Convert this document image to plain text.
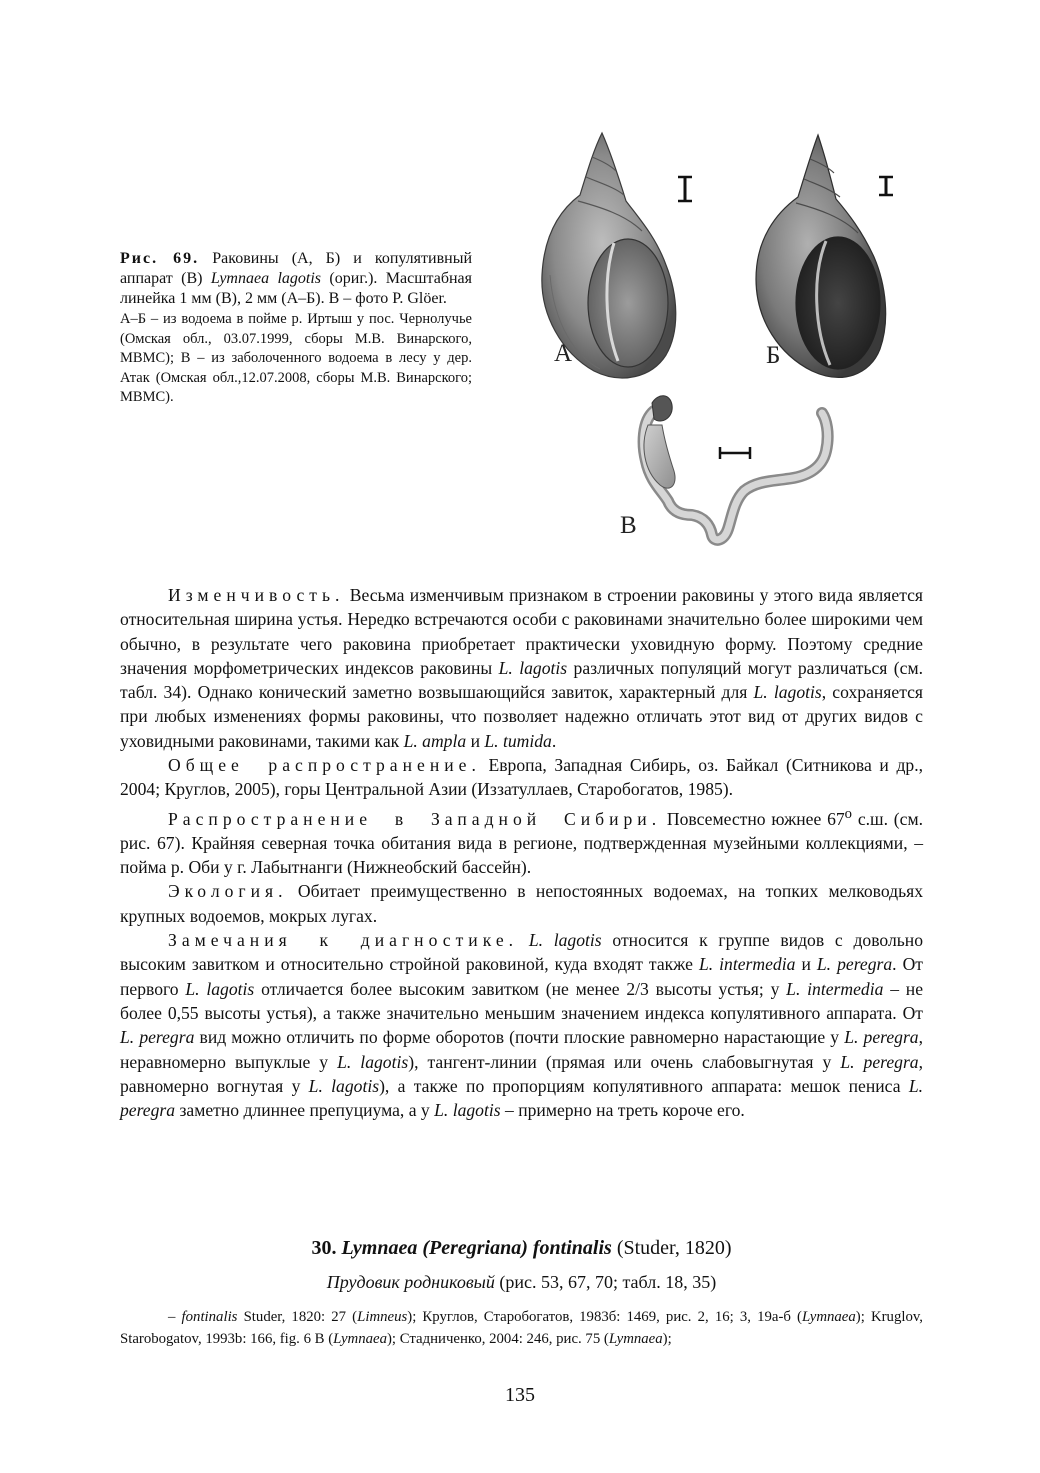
Рис. 69. Раковины (А, Б) и копулятивный аппарат (В) Lymnaea lagotis (ориг.). Масштабная линейка 1 мм (В), 2 мм (А–Б). В – фото P. Glöer.
А–Б – из водоема в пойме р. Иртыш у пос. Чернолучье (Омская обл., 03.07.1999, сборы М.В. Винарского, МВМС); В – из заболоченного водоема в лесу у дер. Атак (Омская обл.,12.07.2008, сборы М.В. Винарского; МВМС).
А	Б
В

Изменчивость. Весьма изменчивым признаком в строении раковины у этого вида является относительная ширина устья. Нередко встречаются особи с раковинами значительно более широкими чем обычно, в результате чего раковина приобретает практически уховидную форму. Поэтому средние значения морфометрических индексов раковины L. lagotis различных популяций могут различаться (см. табл. 34). Однако конический заметно возвышающийся завиток, характерный для L. lagotis, сохраняется при любых изменениях формы раковины, что позволяет надежно отличать этот вид от других видов с уховидными раковинами, такими как L. ampla и L. tumida.

Общее распространение. Европа, Западная Сибирь, оз. Байкал (Ситникова и др., 2004; Круглов, 2005), горы Центральной Азии (Иззатуллаев, Старобогатов, 1985).

Распространение в Западной Сибири. Повсеместно южнее 67$^o$ с.ш. (см. рис. 67). Крайняя северная точка обитания вида в регионе, подтвержденная музейными коллекциями, – пойма р. Оби у г. Лабытнанги (Нижнеобский бассейн).

Экология. Обитает преимущественно в непостоянных водоемах, на топких мелководьях крупных водоемов, мокрых лугах.

Замечания к диагностике. L. lagotis относится к группе видов с довольно высоким завитком и относительно стройной раковиной, куда входят также L. intermedia и L. peregra. От первого L. lagotis отличается более высоким завитком (не менее 2/3 высоты устья; у L. intermedia – не более 0,55 высоты устья), а также значительно меньшим значением индекса копулятивного аппарата. От L. peregra вид можно отличить по форме оборотов (почти плоские равномерно нарастающие у L. peregra, неравномерно выпуклые у L. lagotis), тангент-линии (прямая или очень слабовыгнутая у L. peregra, равномерно вогнутая у L. lagotis), а также по пропорциям копулятивного аппарата: мешок пениса L. peregra заметно длиннее препуциума, а у L. lagotis – примерно на треть короче его.

30. Lymnaea (Peregriana) fontinalis (Studer, 1820)
Прудовик родниковый (рис. 53, 67, 70; табл. 18, 35)
– fontinalis Studer, 1820: 27 (Limneus); Круглов, Старобогатов, 1983б: 1469, рис. 2, 16; 3, 19а-б (Lymnaea); Kruglov, Starobogatov, 1993b: 166, fig. 6 B (Lymnaea); Стадниченко, 2004: 246, рис. 75 (Lymnaea);
135
